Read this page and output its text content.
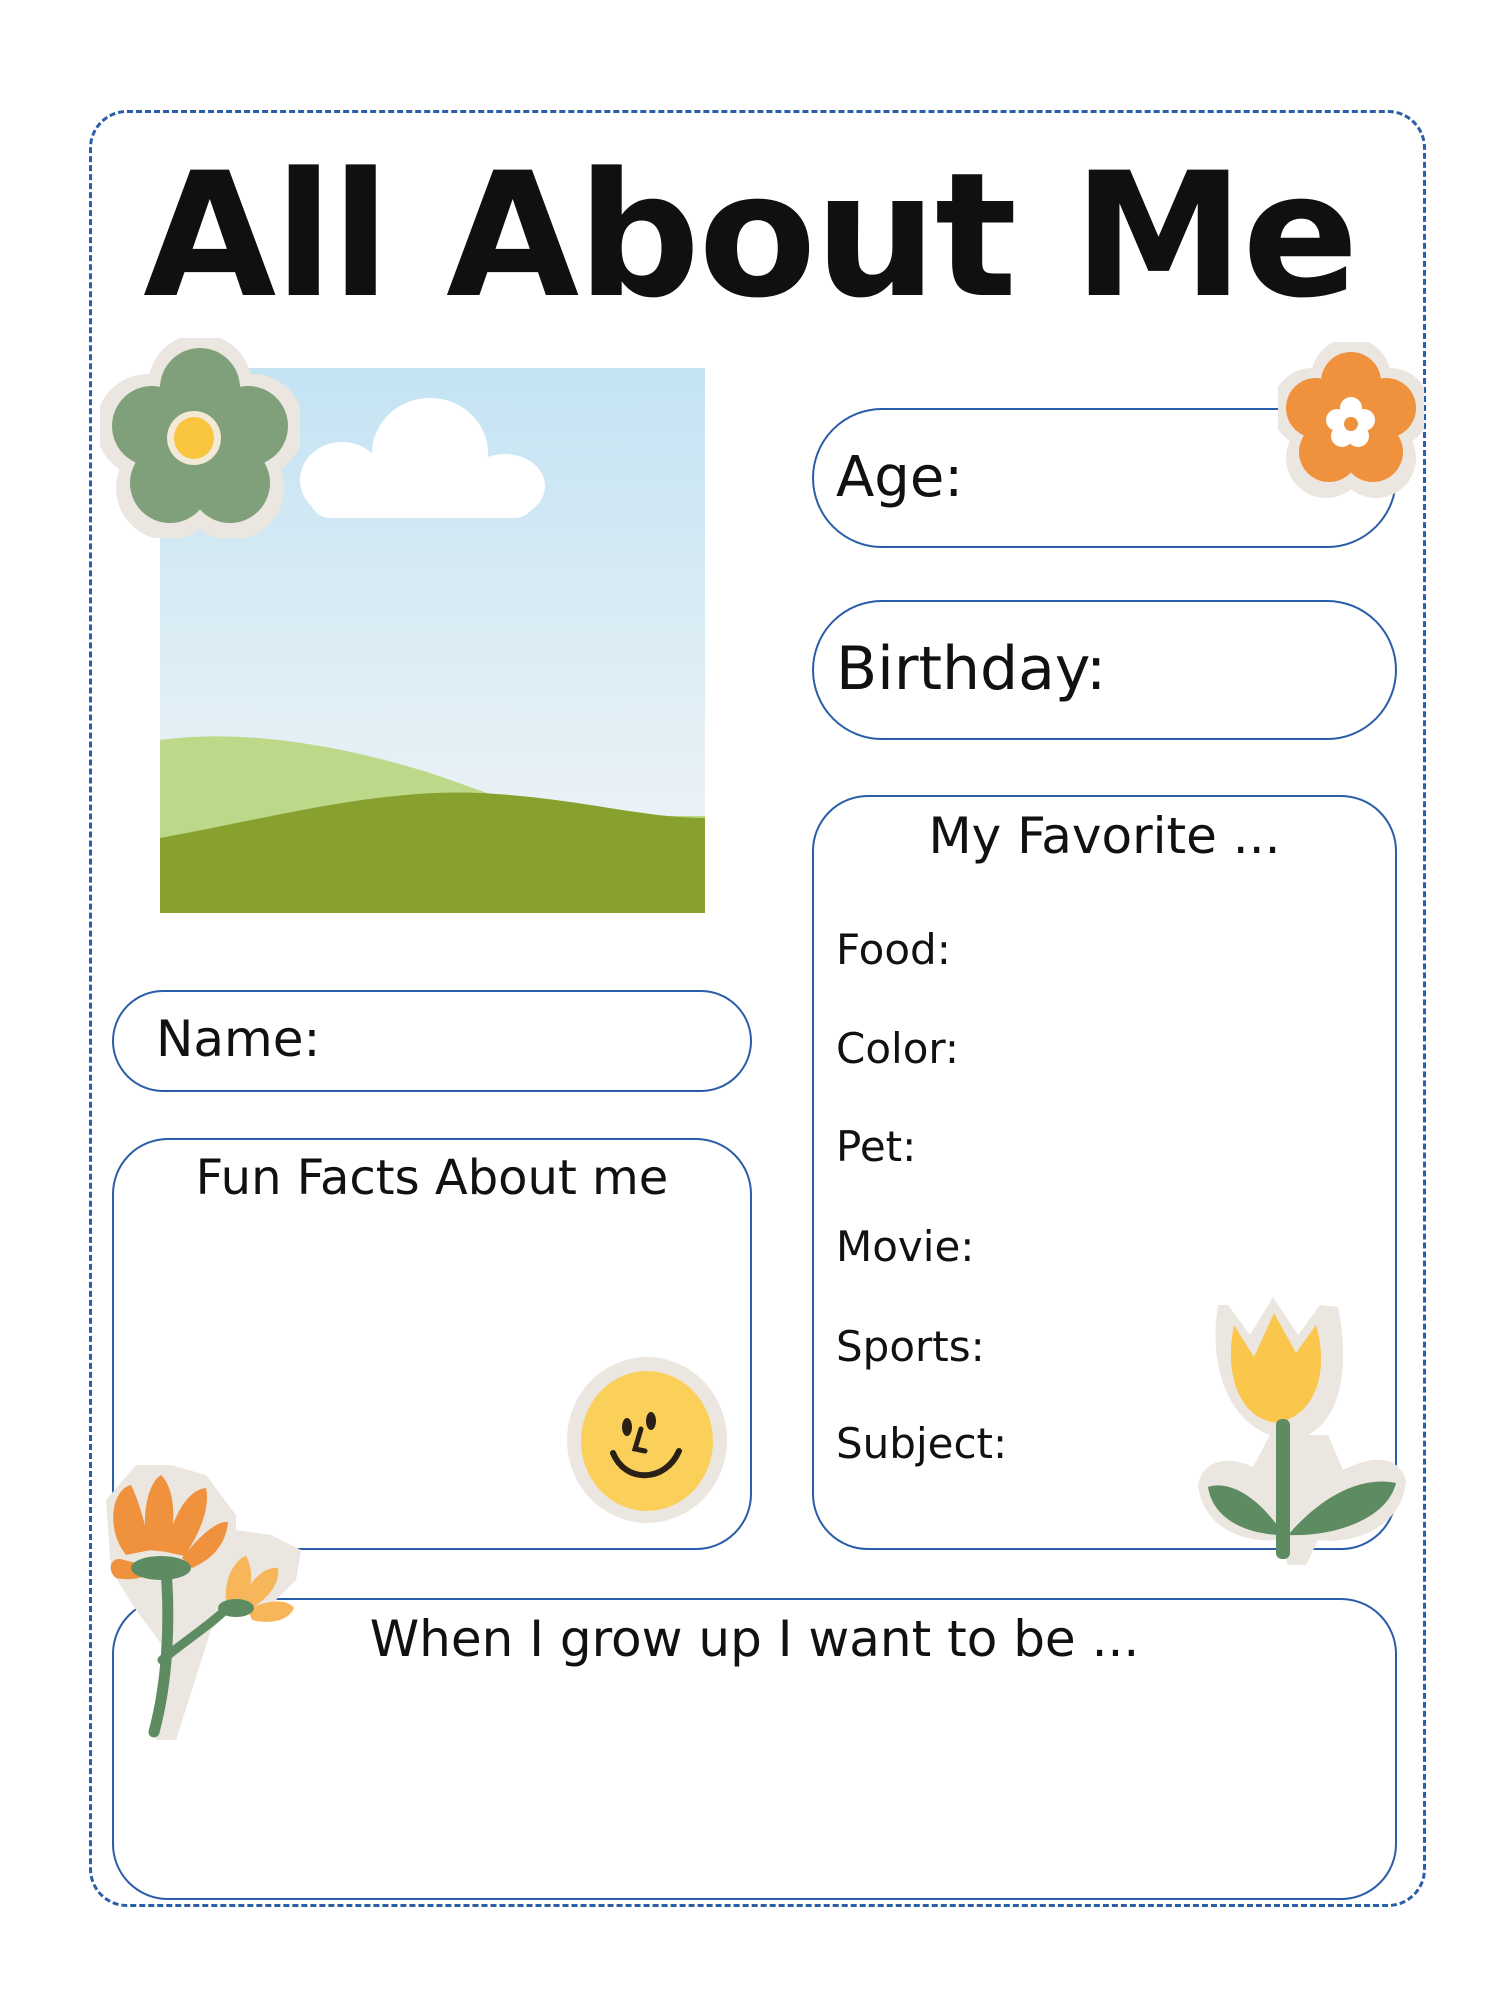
All About Me
Age:
Birthday:
My Favorite ...
Food:
Color:
Pet:
Movie:
Sports:
Subject:
Name:
Fun Facts About me
When I grow up I want to be ...
